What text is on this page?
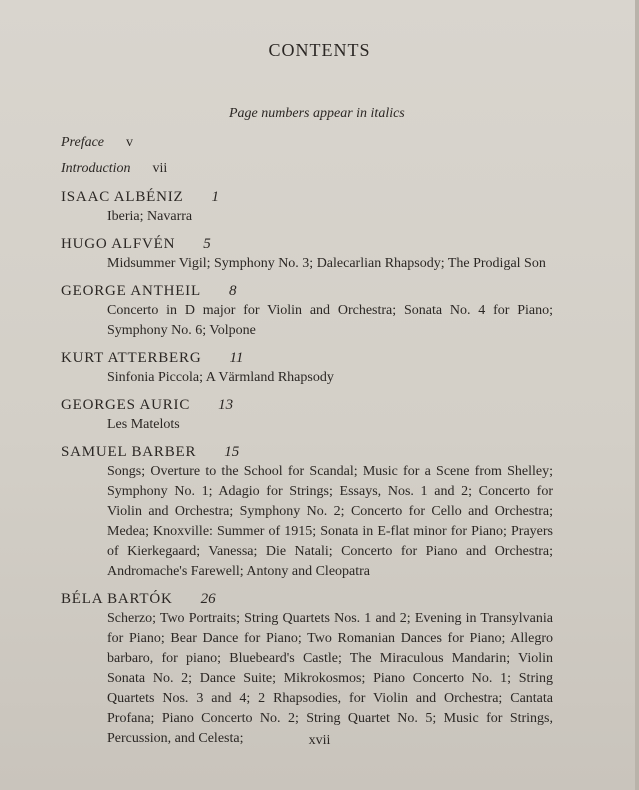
CONTENTS
Page numbers appear in italics
Preface v
Introduction vii
ISAAC ALBÉNIZ 1
Iberia; Navarra
HUGO ALFVÉN 5
Midsummer Vigil; Symphony No. 3; Dalecarlian Rhapsody; The Prodigal Son
GEORGE ANTHEIL 8
Concerto in D major for Violin and Orchestra; Sonata No. 4 for Piano; Symphony No. 6; Volpone
KURT ATTERBERG 11
Sinfonia Piccola; A Värmland Rhapsody
GEORGES AURIC 13
Les Matelots
SAMUEL BARBER 15
Songs; Overture to the School for Scandal; Music for a Scene from Shelley; Symphony No. 1; Adagio for Strings; Essays, Nos. 1 and 2; Concerto for Violin and Orchestra; Symphony No. 2; Concerto for Cello and Orchestra; Medea; Knoxville: Summer of 1915; Sonata in E-flat minor for Piano; Prayers of Kierkegaard; Vanessa; Die Natali; Concerto for Piano and Orchestra; Andromache's Farewell; Antony and Cleopatra
BÉLA BARTÓK 26
Scherzo; Two Portraits; String Quartets Nos. 1 and 2; Evening in Transylvania for Piano; Bear Dance for Piano; Two Romanian Dances for Piano; Allegro barbaro, for piano; Bluebeard's Castle; The Miraculous Mandarin; Violin Sonata No. 2; Dance Suite; Mikrokosmos; Piano Concerto No. 1; String Quartets Nos. 3 and 4; 2 Rhapsodies, for Violin and Orchestra; Cantata Profana; Piano Concerto No. 2; String Quartet No. 5; Music for Strings, Percussion, and Celesta;	xvii
